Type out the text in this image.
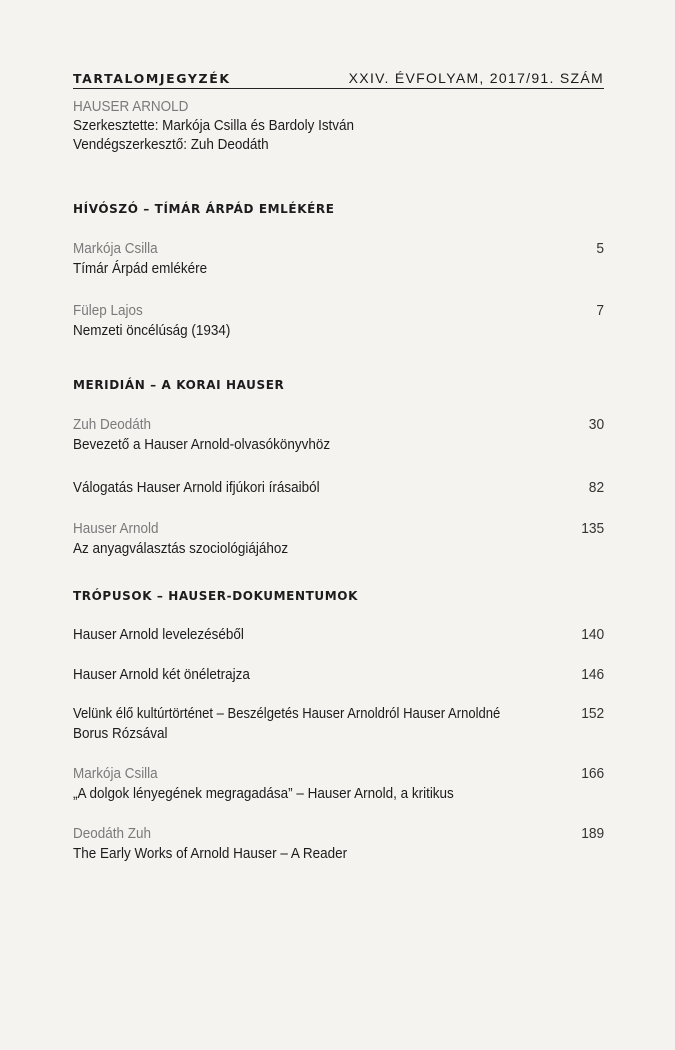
TARTALOMJEGYZÉK	XXIV. ÉVFOLYAM, 2017/91. SZÁM
HAUSER ARNOLD
Szerkesztette: Markója Csilla és Bardoly István
Vendégszerkesztő: Zuh Deodáth
HÍVÓSZÓ – TÍMÁR ÁRPÁD EMLÉKÉRE
Markója Csilla	5
Tímár Árpád emlékére
Fülep Lajos	7
Nemzeti öncélúság (1934)
MERIDIÁN – A KORAI HAUSER
Zuh Deodáth	30
Bevezető a Hauser Arnold-olvasókönyvhöz
Válogatás Hauser Arnold ifjúkori írásaiból	82
Hauser Arnold	135
Az anyagválasztás szociológiájához
TRÓPUSOK – HAUSER-DOKUMENTUMOK
Hauser Arnold levelezéséből	140
Hauser Arnold két önéletrajza	146
Velünk élő kultúrtörténet – Beszélgetés Hauser Arnoldról Hauser Arnoldné	152
Borus Rózsával
Markója Csilla	166
„A dolgok lényegének megragadása” – Hauser Arnold, a kritikus
Deodáth Zuh	189
The Early Works of Arnold Hauser – A Reader
